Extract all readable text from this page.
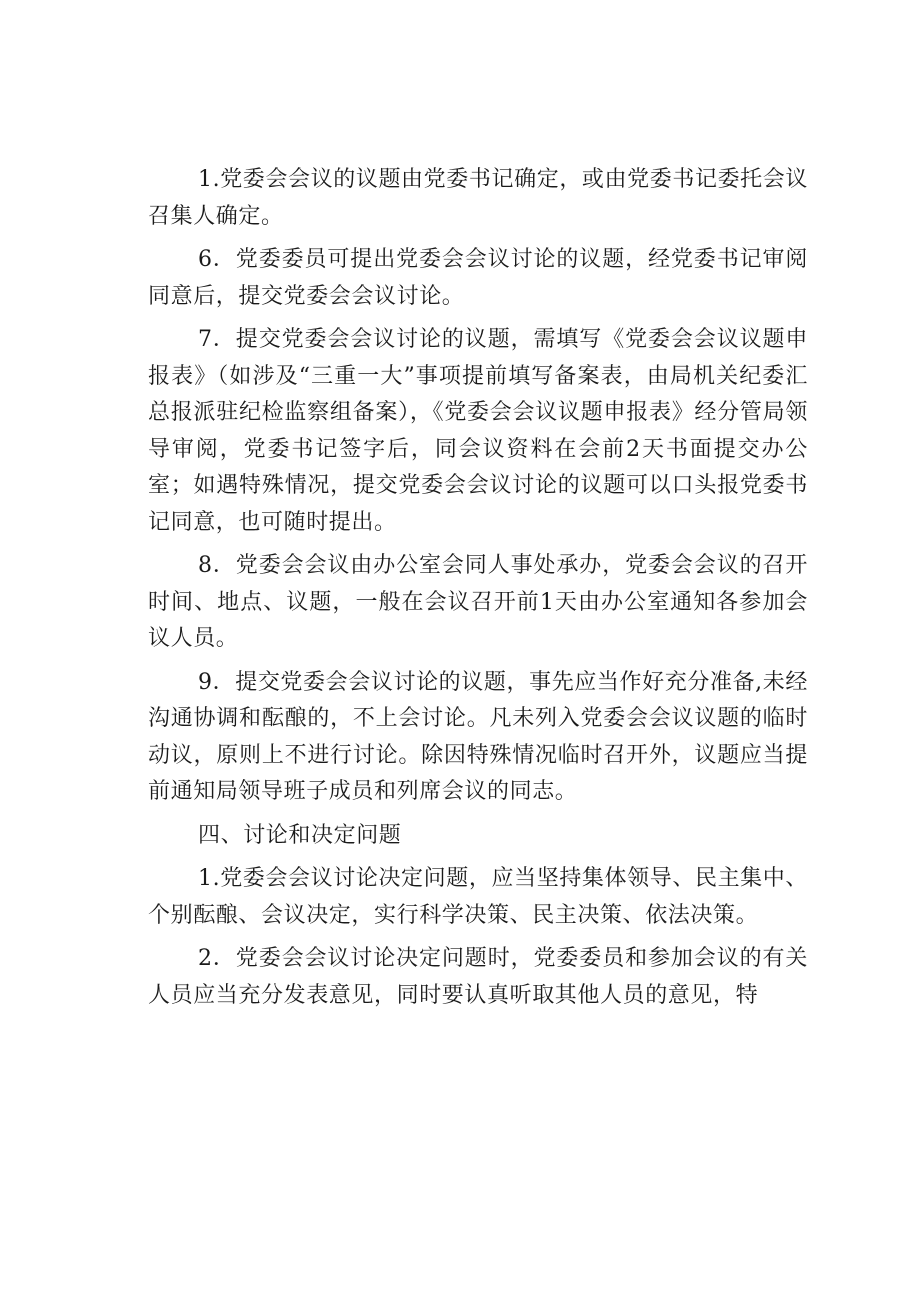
1.党委会会议的议题由党委书记确定，或由党委书记委托会议召集人确定。

6．党委委员可提出党委会会议讨论的议题，经党委书记审阅同意后，提交党委会会议讨论。

7．提交党委会会议讨论的议题，需填写《党委会会议议题申报表》（如涉及“三重一大”事项提前填写备案表，由局机关纪委汇总报派驻纪检监察组备案），《党委会会议议题申报表》经分管局领导审阅，党委书记签字后，同会议资料在会前2天书面提交办公室；如遇特殊情况，提交党委会会议讨论的议题可以口头报党委书记同意，也可随时提出。

8．党委会会议由办公室会同人事处承办，党委会会议的召开时间、地点、议题，一般在会议召开前1天由办公室通知各参加会议人员。

9．提交党委会会议讨论的议题，事先应当作好充分准备,未经沟通协调和酝酿的，不上会讨论。凡未列入党委会会议议题的临时动议，原则上不进行讨论。除因特殊情况临时召开外，议题应当提前通知局领导班子成员和列席会议的同志。

四、讨论和决定问题

1.党委会会议讨论决定问题，应当坚持集体领导、民主集中、个别酝酿、会议决定，实行科学决策、民主决策、依法决策。

2．党委会会议讨论决定问题时，党委委员和参加会议的有关人员应当充分发表意见，同时要认真听取其他人员的意见，特
